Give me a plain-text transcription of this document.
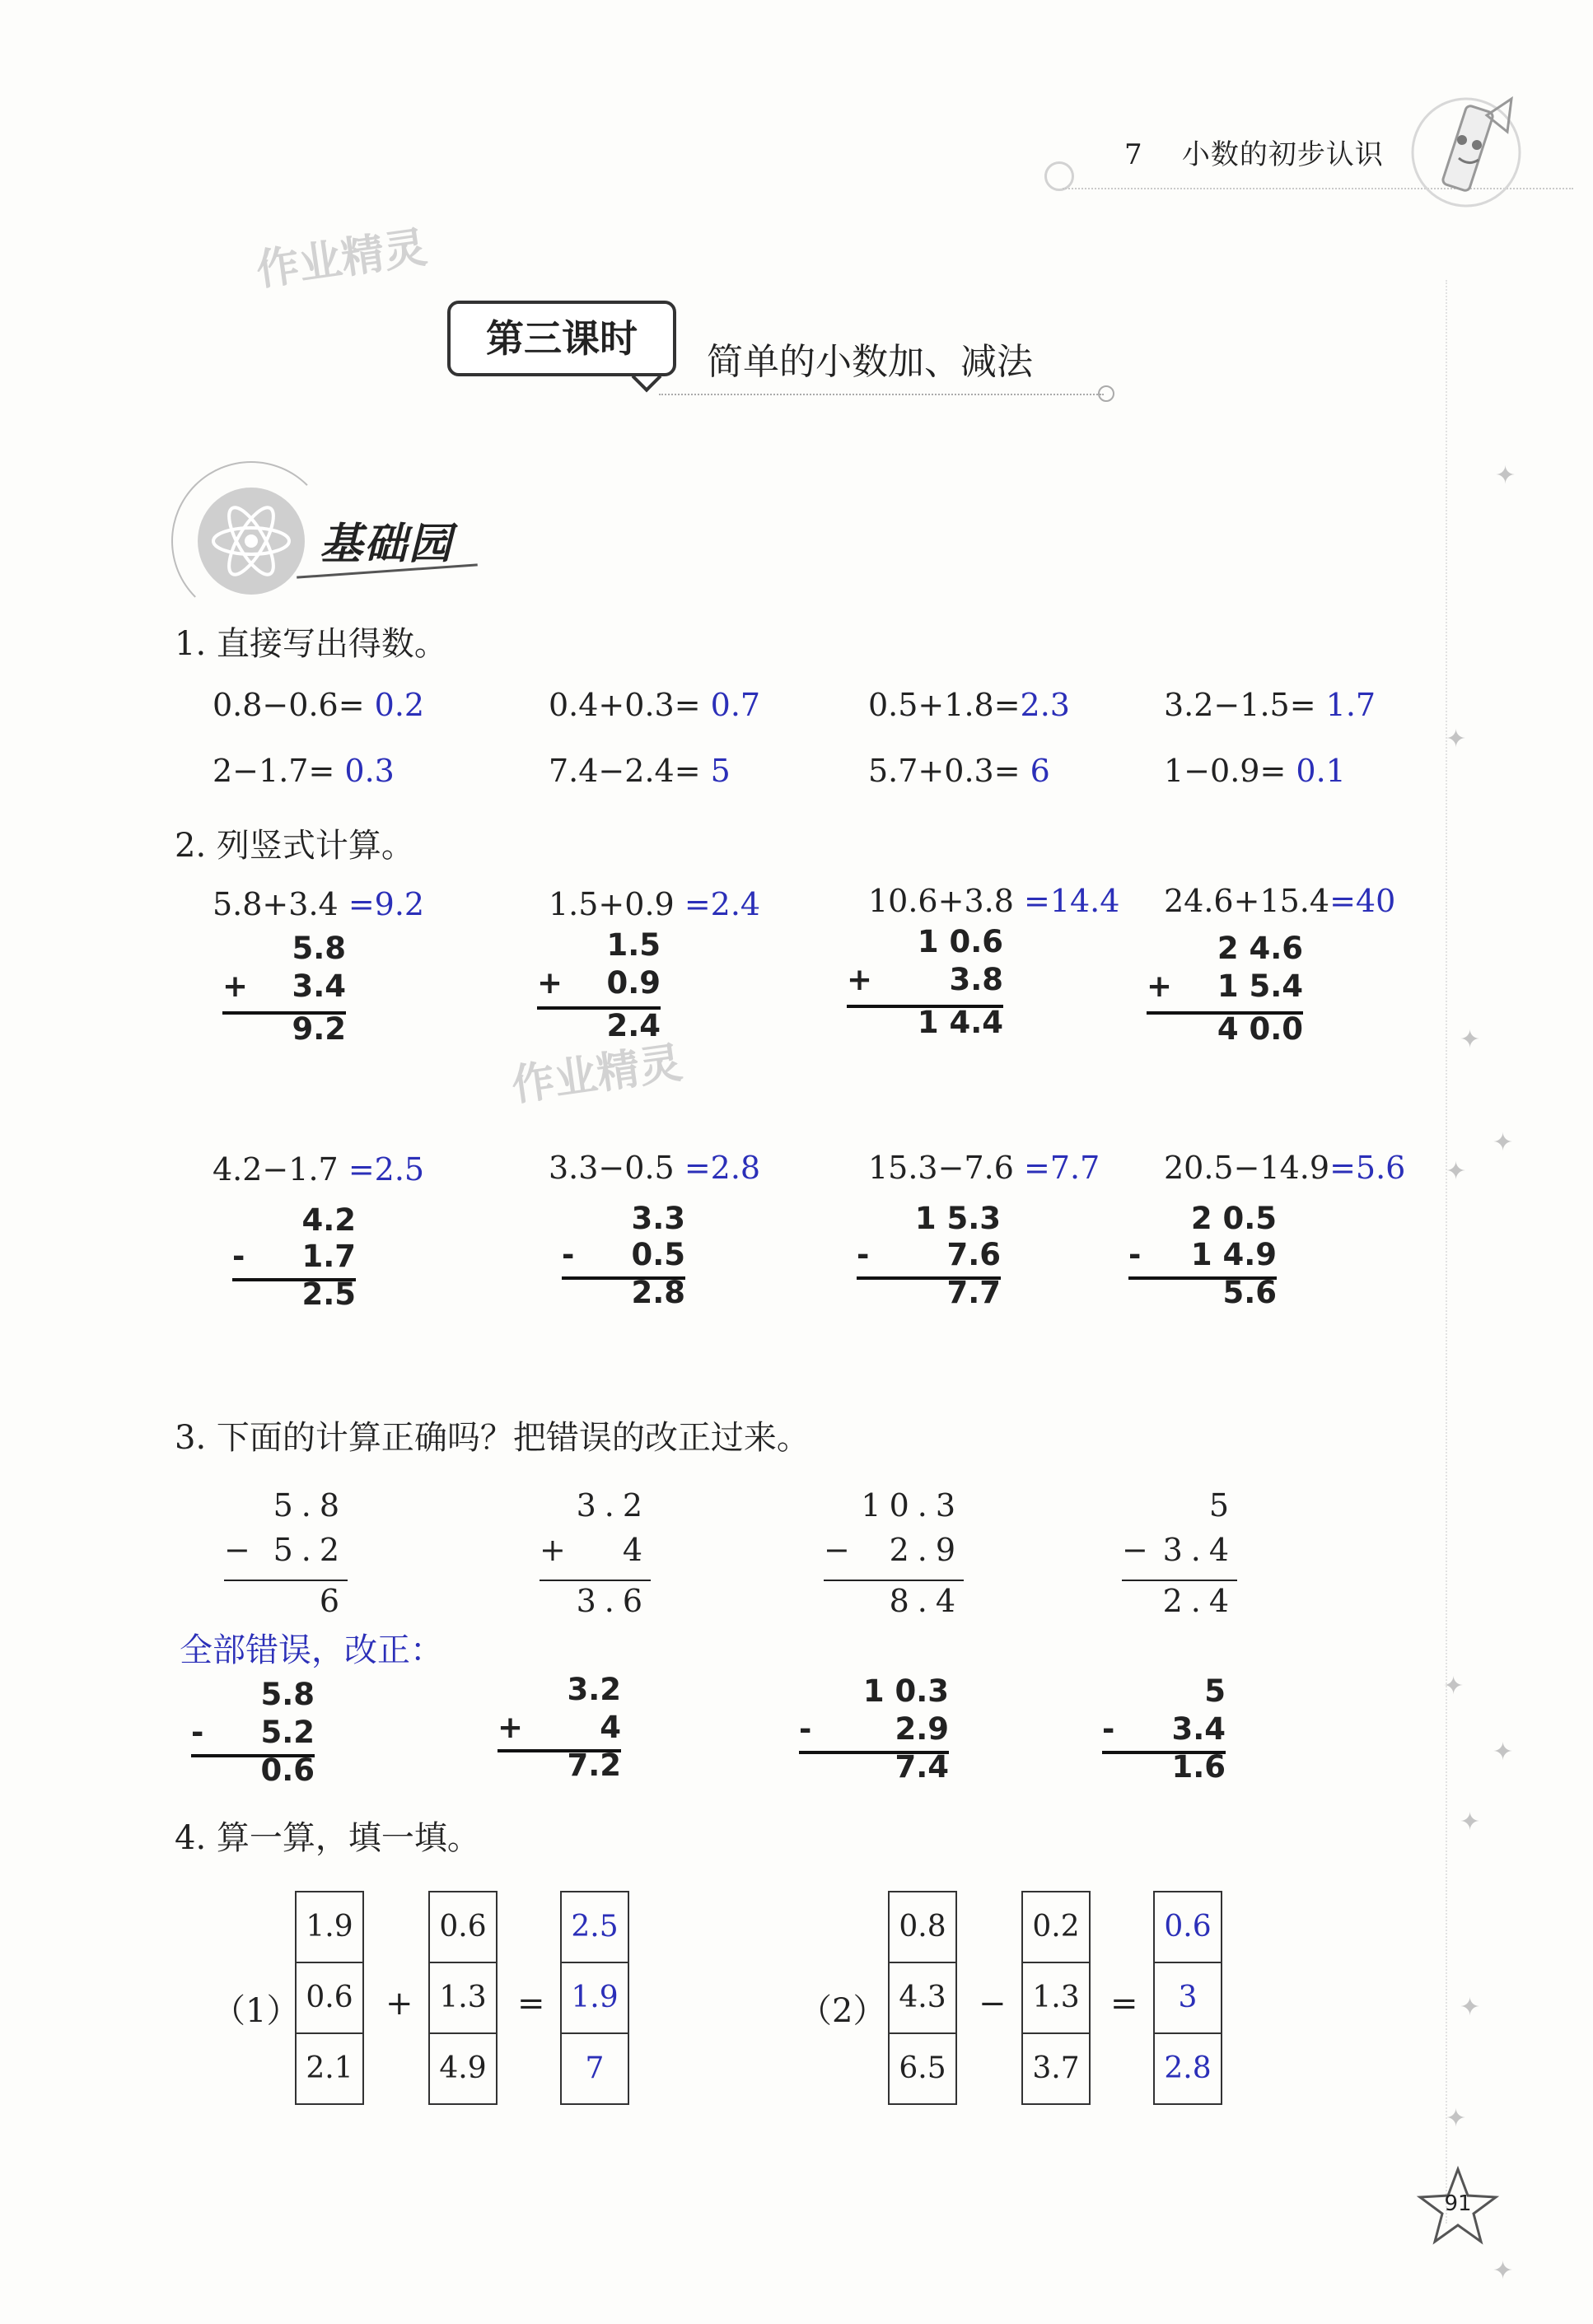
7 小数的初步认识
作业精灵
作业精灵
第三课时
简单的小数加、减法
基础园
1. 直接写出得数。
0.8−0.6= 0.2	0.4+0.3= 0.7	0.5+1.8=2.3	3.2−1.5= 1.7
2−1.7= 0.3	7.4−2.4= 5	5.7+0.3= 6	1−0.9= 0.1
2. 列竖式计算。
5.8+3.4 =9.2	1.5+0.9 =2.4	10.6+3.8 =14.4 24.6+15.4=40
5.8
+ 3.4
9.2
1.5
+ 0.9
2.4
1 0.6
+	3.8
1 4.4
2 4.6
+ 1 5.4
4 0.0
4.2−1.7 =2.5	3.3−0.5 =2.8	15.3−7.6 =7.7 20.5−14.9=5.6
4.2
- 1.7
2.5
3.3
- 0.5
2.8
1 5.3
-	7.6
7.7
2 0.5
- 1 4.9
5.6
3. 下面的计算正确吗？把错误的改正过来。
5.8
− 5.2
6
3.2
+ 4
3.6
10.3
− 2.9
8.4
5
− 3.4
2.4
全部错误，改正：
5.8
- 5.2
0.6
3.2
+	4
7.2
1 0.3
-	2.9
7.4
5
- 3.4
1.6
4. 算一算，填一填。
（1）
1.9
0.6
2.1
+
0.6
1.3
4.9
=
2.5
1.9
7
（2）
0.8
4.3
6.5
−
0.2
1.3
3.7
=
0.6
3
2.8
✦
✦
✦
✦
✦
✦
✦
✦
✦
✦
✦
91
